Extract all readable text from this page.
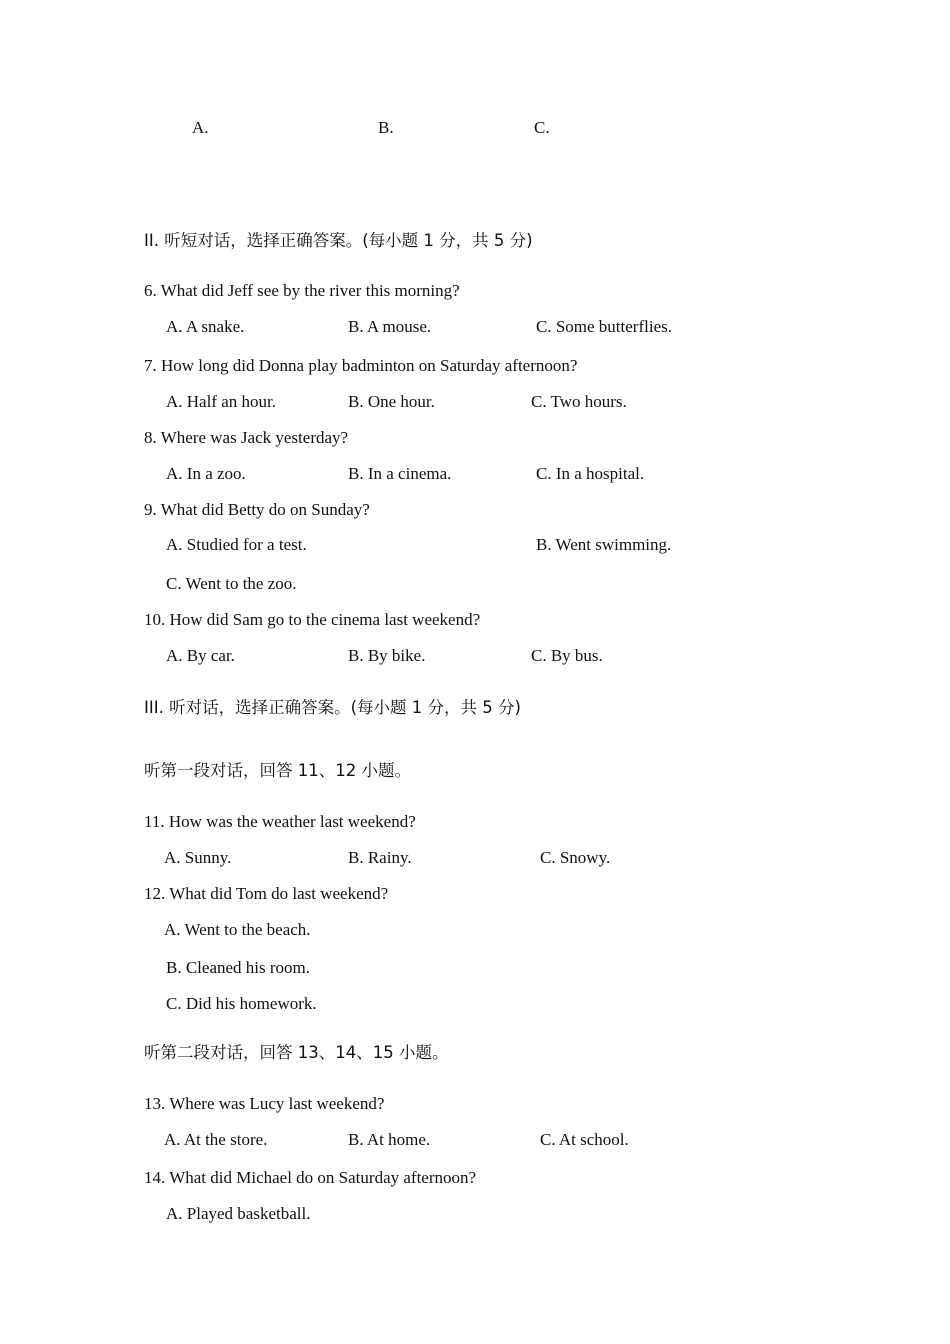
A.	B.	C.
II. 听短对话，选择正确答案。(每小题 1 分，共 5 分)
6. What did Jeff see by the river this morning?
A. A snake.	B. A mouse.	C. Some butterflies.
7. How long did Donna play badminton on Saturday afternoon?
A. Half an hour.	B. One hour.	C. Two hours.
8. Where was Jack yesterday?
A. In a zoo.	B. In a cinema.	C. In a hospital.
9. What did Betty do on Sunday?
A. Studied for a test.	B. Went swimming.
C. Went to the zoo.
10. How did Sam go to the cinema last weekend?
A. By car.	B. By bike.	C. By bus.
III. 听对话，选择正确答案。(每小题 1 分，共 5 分)
听第一段对话，回答 11、12 小题。
11. How was the weather last weekend?
A. Sunny.	B. Rainy.	C. Snowy.
12. What did Tom do last weekend?
A. Went to the beach.
B. Cleaned his room.
C. Did his homework.
听第二段对话，回答 13、14、15 小题。
13. Where was Lucy last weekend?
A. At the store.	B. At home.	C. At school.
14. What did Michael do on Saturday afternoon?
A. Played basketball.
